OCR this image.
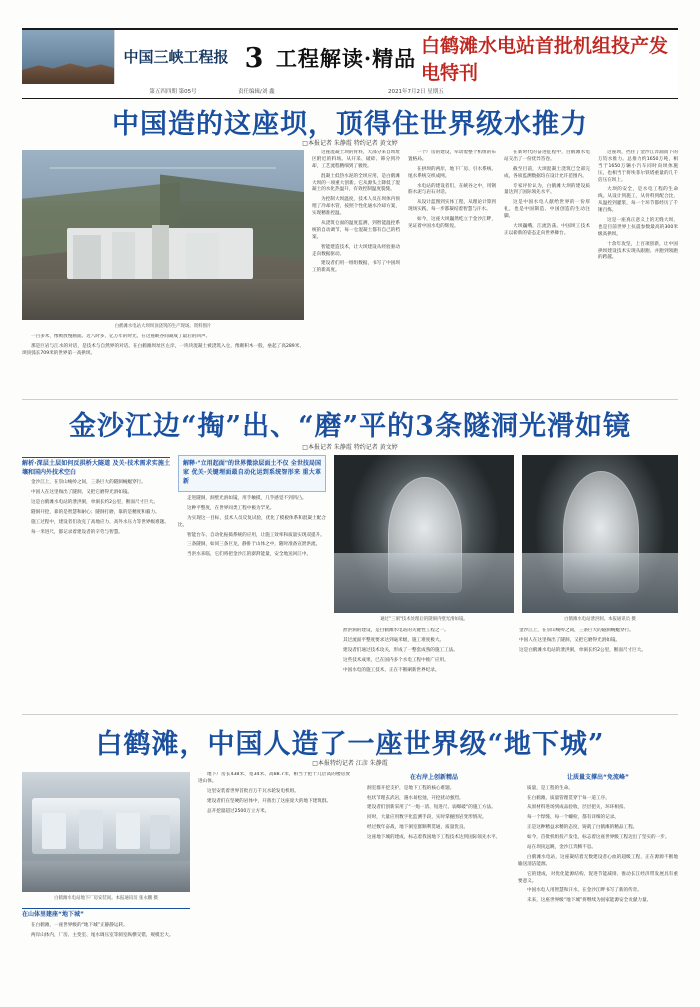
中国三峡工程报 3 工程解读·精品 白鹤滩水电站首批机组投产发电特刊
第五四四期 第05号	责任编辑/刘 鑫	2021年7月2日 星期五
中国造的这座坝，顶得住世界级水推力
□本报记者 朱静霞 特约记者 黄文婷
白鹤滩水电站大坝坝顶浇筑的生产现场。资料图片

这座混凝土坝的骨料，大部分来自坝址区附近的料场。从开采、破碎、筛分到冷却，工艺流程精细到了极致。

混凝土低热水泥的全坝应用，是白鹤滩大坝的一项重大创新。它从源头上降低了混凝土的水化热温升，有效控制温度裂缝。

为控制大坝温度，技术人员在坝体内预埋了冷却水管，按照个性化通水冷却方案，实现精准控温。

从浇筑仓面的温度监测，到智能温控系统的自动调节，每一仓混凝土都有自己的档案。

智能建造技术，让大坝建设从经验驱动走向数据驱动。

建设者们用一组组数据，书写了中国坝工的新高度。

一个厂房的建设，牵动着整个机组的布置格局。

在拱坝的两岸，地下厂房、引水系统、尾水系统交织成网。

水电站的建设者们，在峡谷之中，用钢筋水泥与岩石对话。

从设计蓝图到实体工程，从理论计算到现场实践，每一步都凝结着智慧与汗水。

如今，这座大坝巍然屹立于金沙江畔，见证着中国水电的辉煌。

在新时代的奋进征程中，白鹤滩水电站交出了一份优异答卷。

截至目前，大坝混凝土浇筑已全部完成，各项监测数据均在设计允许范围内。

专家评价认为，白鹤滩大坝的建设质量达到了国际领先水平。

这是中国水电人献给世界的一份厚礼，也是中国制造、中国创造的生动注脚。

大坝巍峨，江流浩荡。中国坝工技术正以崭新的姿态走向世界舞台。

这座坝，挡住了金沙江奔涌而下的万钧水推力。总推力约1650万吨，相当于1650万辆小汽车同时向坝体施压，也相当于将埃菲尔铁塔重量的几千倍压在坝上。

大坝的安全，是水电工程的生命线。从设计到施工，从骨料到配合比，从温控到灌浆，每一个环节都经历了千锤百炼。

这是一座真正意义上的无缝大坝，也是目前世界上抗震参数最高的300米级高拱坝。

十余年攻坚，上百项创新，让中国拱坝建设技术实现从跟跑、并跑到领跑的跨越。

一百多米，像被放慢画面。近八时多，亿万年的时光，在这座峡谷间凝成了最后的回声。

那是巨岩与江水的对话，是技术与自然界的对话。在白鹤滩坝址区左岸，一块块混凝土被浇筑入仓，像砌积木一般，垒起了高289米、坝顶弧长709米的世界第一高拱坝。

金沙江边“掏”出、“磨”平的3条隧洞光滑如镜
□本报记者 朱静霞 特约记者 黄文婷
解析·深层土层如何反拱桥大隧道 及关·技术需求实施土壤和国内外技术空白

金沙江上，在崇山峻岭之间，三条巨大的隧洞蜿蜒穿行。

中国人在这里掏出了隧洞，又把它磨得光滑如镜。

这是白鹤滩水电站的泄洪洞，单洞长约2公里，断面尺寸巨大。

隧洞开挖，靠的是智慧和耐心；隧洞打磨，靠的是精度和毅力。

施工过程中，建设者们攻克了高地应力、高外水压力等世界级难题。

每一米进尺，都记录着建设者的辛劳与智慧。

解释·"立用起面"的世界微涂层面土不仅 全世技局国家 优关·关键埋面最自动化运到系统智形来 重大革新

走进隧洞，洞壁光滑如镜，用手触摸，几乎感觉不到凹凸。

这种平整度，在世界同类工程中极为罕见。

为实现这一目标，技术人员反复试验，优化了模板体系和混凝土配合比。

智能台车、自动化振捣系统的应用，让施工效率和质量实现双提升。

三条隧洞，如同三条巨龙，静卧于山体之中，随时准备宣泄洪流。

当洪水来临，它们将把金沙江的澎湃能量，安全地送回江中。

通过"三洞"技术处理后的隧洞内壁光滑如镜。	白鹤滩水电站泄洪洞。本报通讯员 摄

泄洪洞的建设，是白鹤滩水电站的关键性工程之一。

其过流面平整度要求达到毫米级，施工难度极大。

建设者们通过技术攻关，形成了一整套成熟的施工工法。

这些技术成果，已在国内多个水电工程中推广应用。

中国水电的施工技术，正在不断刷新世界纪录。

金沙江上，在崇山峻岭之间，三条巨大的隧洞蜿蜒穿行。

中国人在这里掏出了隧洞，又把它磨得光滑如镜。

这是白鹤滩水电站的泄洪洞，单洞长约2公里，断面尺寸巨大。

白鹤滩，中国人造了一座世界级“地下城”
□本报特约记者 江彦 朱静霞
白鹤滩水电站地下厂房安装间。本报通讯员 张永鹏 摄
在山体里建座“地下城”

在白鹤滩，一座世界级的“地下城”正静静运转。

两岸山体内，厂房、主变室、尾水调压室等洞室纵横交错，规模宏大。

地下厂房长438米、宽34米、高88.7米，相当于把十几层高的楼房放进山体。

这里安装着世界首批百万千瓦水轮发电机组。

建设者们在坚硬的岩体中，开凿出了这座庞大的地下建筑群。

总开挖量超过2500万立方米。

在右岸上创新精品

洞室群开挖支护，是地下工程的核心难题。

柱状节理玄武岩，遇水易松弛，开挖扰动强烈。

建设者们创新采用了“一炮一清、短进尺、弱爆破”的施工方法。

同时，大量应用数字化监测手段，实时掌握围岩变形情况。

经过数年奋战，地下洞室群顺利贯通，质量优良。

这座地下城的建成，标志着我国地下工程技术达到国际领先水平。

让质量支撑出“免流峰”

质量，是工程的生命。

在白鹤滩，质量管理贯穿于每一道工序。

从原材料进场到成品验收，层层把关，环环相扣。

每一个焊缝、每一个螺栓，都有详细的记录。

正是这种精益求精的态度，铸就了白鹤滩的精品工程。

如今，首批机组投产发电，标志着这座世界级工程迈出了坚实的一步。

站在坝顶远眺，金沙江奔腾不息。

白鹤滩水电站，这座凝结着无数建设者心血的超级工程，正在源源不断地输送清洁能源。

它的建成，对优化能源结构、促进节能减排、推动长江经济带发展具有重要意义。

中国水电人用智慧和汗水，在金沙江畔书写了新的传奇。

未来，这座世界级“地下城”将继续为国家能源安全贡献力量。
